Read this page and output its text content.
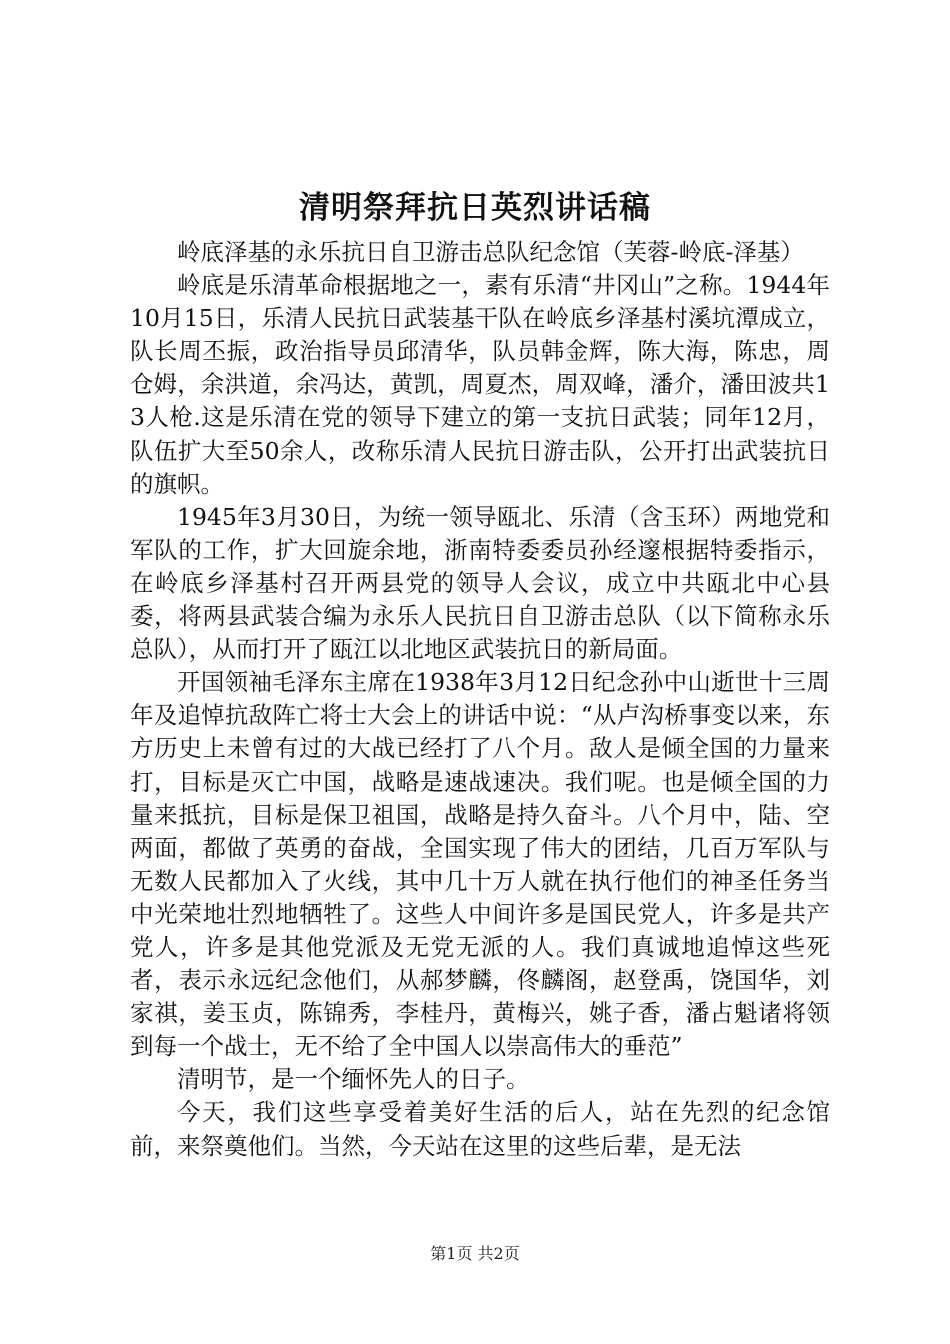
清明祭拜抗日英烈讲话稿

岭底泽基的永乐抗日自卫游击总队纪念馆（芙蓉-岭底-泽基）

岭底是乐清革命根据地之一，素有乐清“井冈山”之称。1944年10月15日，乐清人民抗日武装基干队在岭底乡泽基村溪坑潭成立，队长周丕振，政治指导员邱清华，队员韩金辉，陈大海，陈忠，周仓姆，余洪道，余冯达，黄凯，周夏杰，周双峰，潘介，潘田波共13人枪.这是乐清在党的领导下建立的第一支抗日武装；同年12月，队伍扩大至50余人，改称乐清人民抗日游击队，公开打出武装抗日的旗帜。

1945年3月30日，为统一领导瓯北、乐清（含玉环）两地党和军队的工作，扩大回旋余地，浙南特委委员孙经邃根据特委指示，在岭底乡泽基村召开两县党的领导人会议，成立中共瓯北中心县委，将两县武装合编为永乐人民抗日自卫游击总队（以下简称永乐总队），从而打开了瓯江以北地区武装抗日的新局面。

开国领袖毛泽东主席在1938年3月12日纪念孙中山逝世十三周年及追悼抗敌阵亡将士大会上的讲话中说：“从卢沟桥事变以来，东方历史上未曾有过的大战已经打了八个月。敌人是倾全国的力量来打，目标是灭亡中国，战略是速战速决。我们呢。也是倾全国的力量来抵抗，目标是保卫祖国，战略是持久奋斗。八个月中，陆、空两面，都做了英勇的奋战，全国实现了伟大的团结，几百万军队与无数人民都加入了火线，其中几十万人就在执行他们的神圣任务当中光荣地壮烈地牺牲了。这些人中间许多是国民党人，许多是共产党人，许多是其他党派及无党无派的人。我们真诚地追悼这些死者，表示永远纪念他们，从郝梦麟，佟麟阁，赵登禹，饶国华，刘家祺，姜玉贞，陈锦秀，李桂丹，黄梅兴，姚子香，潘占魁诸将领到每一个战士，无不给了全中国人以崇高伟大的垂范”

清明节，是一个缅怀先人的日子。

今天，我们这些享受着美好生活的后人，站在先烈的纪念馆前，来祭奠他们。当然，今天站在这里的这些后辈，是无法

第1页 共2页
